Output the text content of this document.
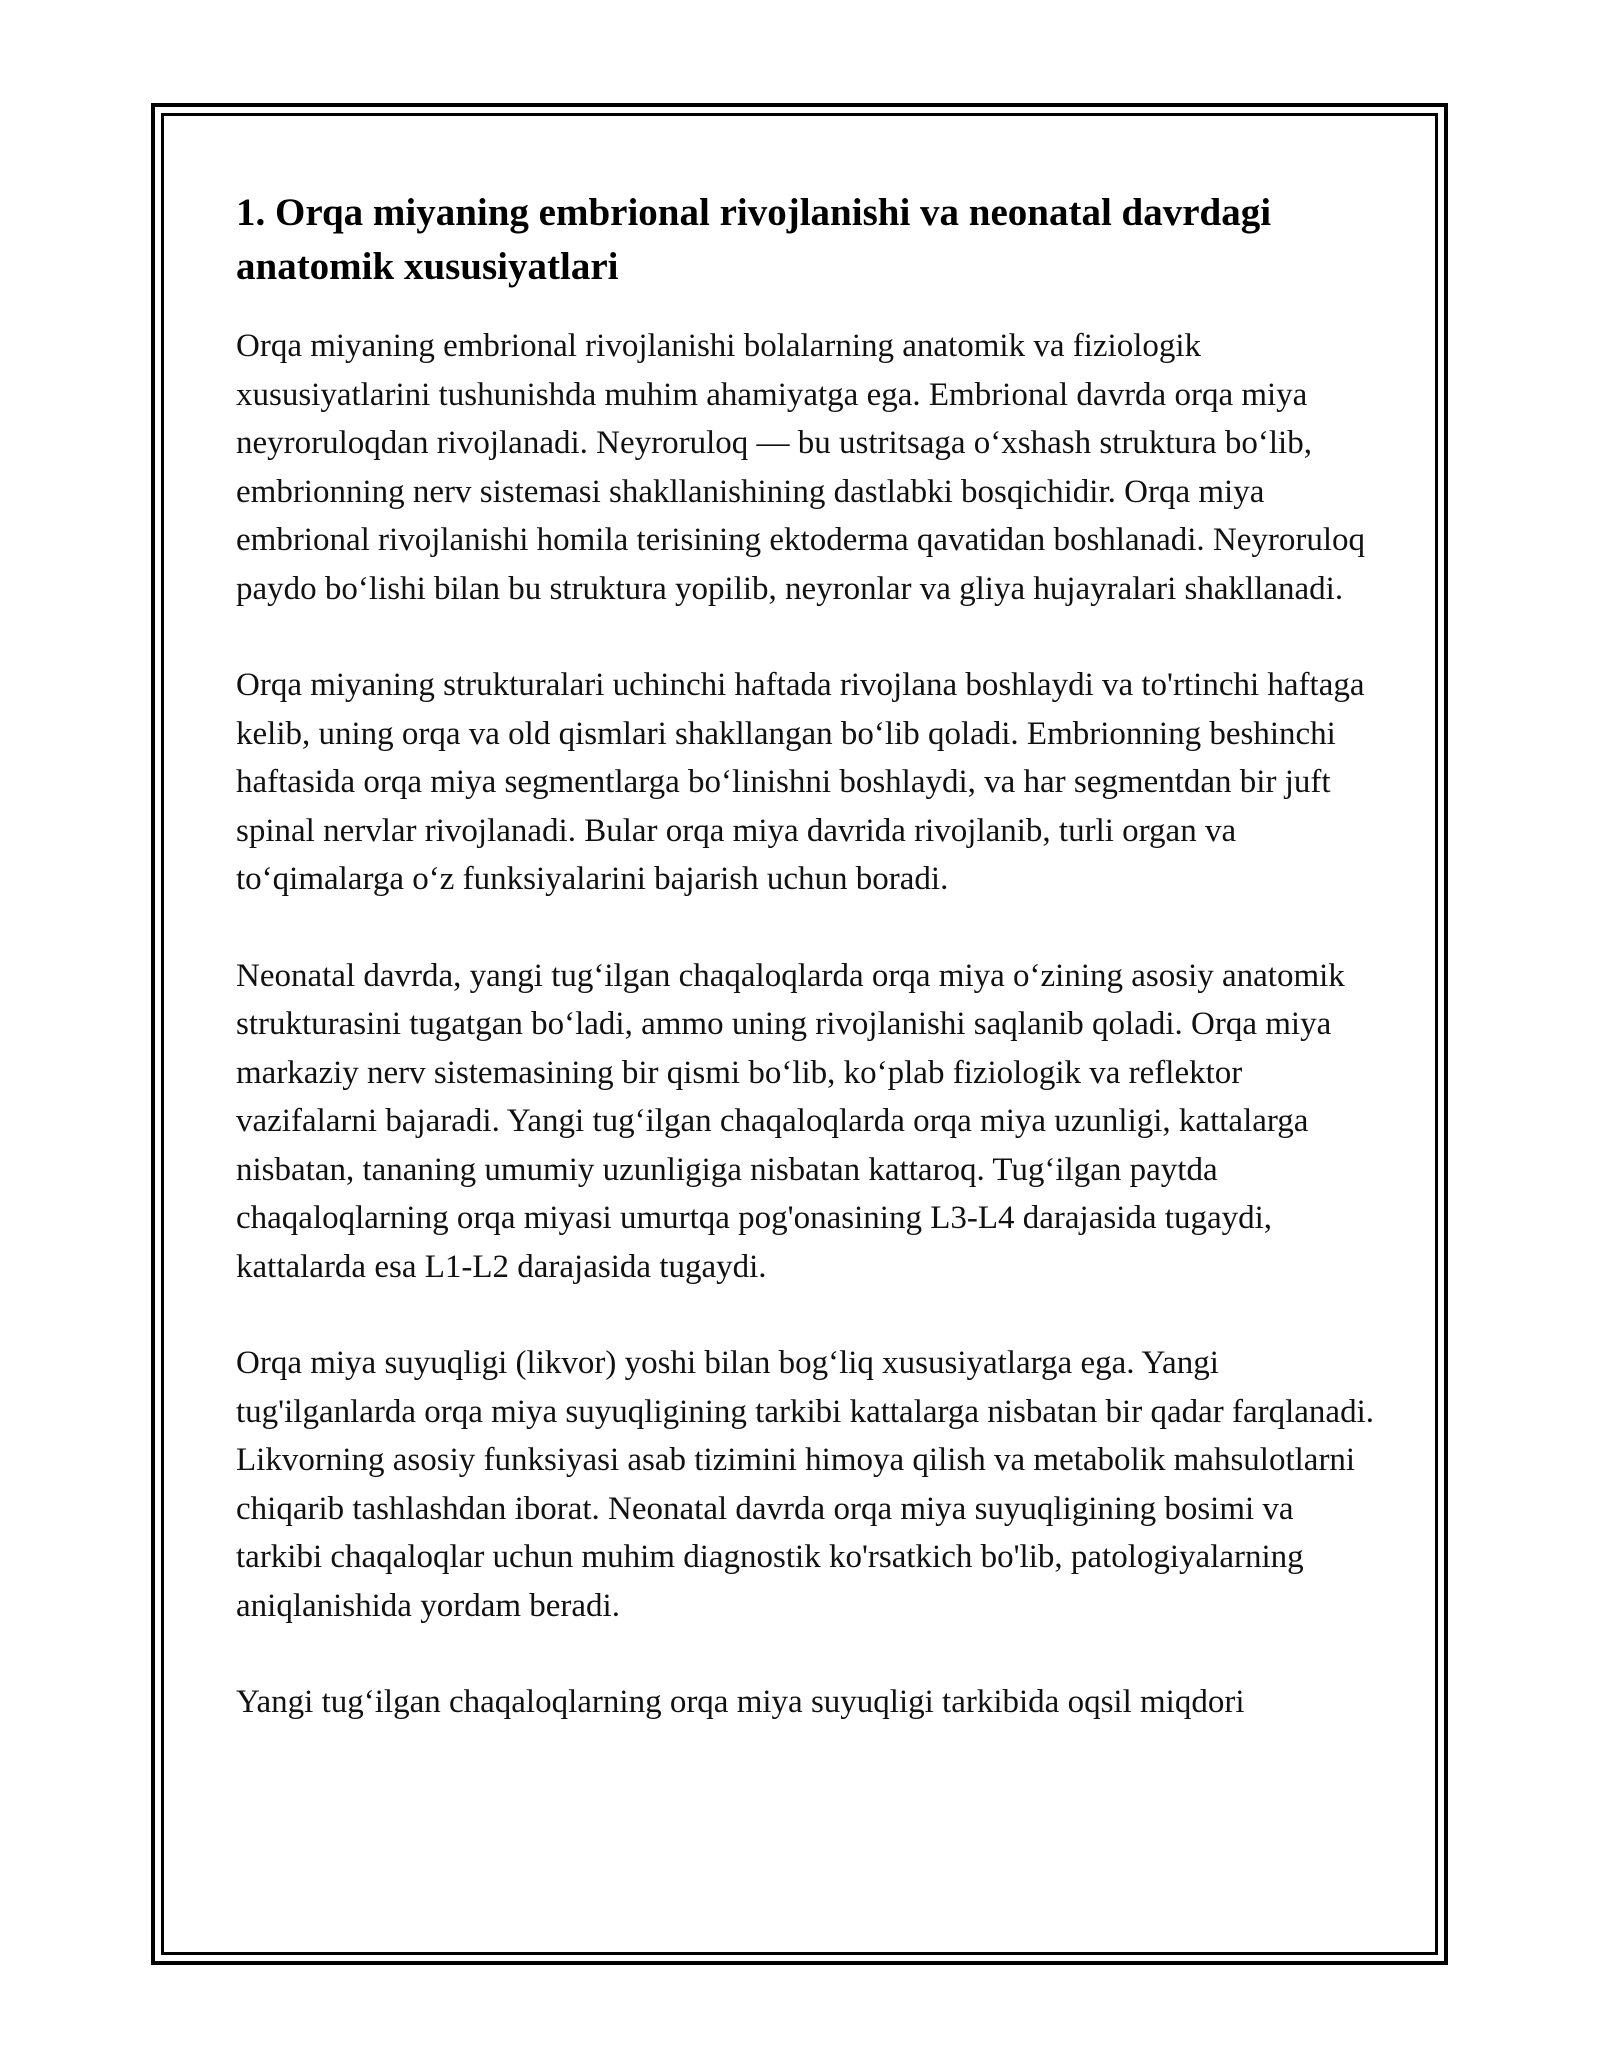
1. Orqa miyaning embrional rivojlanishi va neonatal davrdagi anatomik xususiyatlari

Orqa miyaning embrional rivojlanishi bolalarning anatomik va fiziologik xususiyatlarini tushunishda muhim ahamiyatga ega. Embrional davrda orqa miya neyroruloqdan rivojlanadi. Neyroruloq — bu ustritsaga o‘xshash struktura bo‘lib, embrionning nerv sistemasi shakllanishining dastlabki bosqichidir. Orqa miya embrional rivojlanishi homila terisining ektoderma qavatidan boshlanadi. Neyroruloq paydo bo‘lishi bilan bu struktura yopilib, neyronlar va gliya hujayralari shakllanadi.

Orqa miyaning strukturalari uchinchi haftada rivojlana boshlaydi va to'rtinchi haftaga kelib, uning orqa va old qismlari shakllangan bo‘lib qoladi. Embrionning beshinchi haftasida orqa miya segmentlarga bo‘linishni boshlaydi, va har segmentdan bir juft spinal nervlar rivojlanadi. Bular orqa miya davrida rivojlanib, turli organ va to‘qimalarga o‘z funksiyalarini bajarish uchun boradi.

Neonatal davrda, yangi tug‘ilgan chaqaloqlarda orqa miya o‘zining asosiy anatomik strukturasini tugatgan bo‘ladi, ammo uning rivojlanishi saqlanib qoladi. Orqa miya markaziy nerv sistemasining bir qismi bo‘lib, ko‘plab fiziologik va reflektor vazifalarni bajaradi. Yangi tug‘ilgan chaqaloqlarda orqa miya uzunligi, kattalarga nisbatan, tananing umumiy uzunligiga nisbatan kattaroq. Tug‘ilgan paytda chaqaloqlarning orqa miyasi umurtqa pog'onasining L3-L4 darajasida tugaydi, kattalarda esa L1-L2 darajasida tugaydi.

Orqa miya suyuqligi (likvor) yoshi bilan bog‘liq xususiyatlarga ega. Yangi tug'ilganlarda orqa miya suyuqligining tarkibi kattalarga nisbatan bir qadar farqlanadi. Likvorning asosiy funksiyasi asab tizimini himoya qilish va metabolik mahsulotlarni chiqarib tashlashdan iborat. Neonatal davrda orqa miya suyuqligining bosimi va tarkibi chaqaloqlar uchun muhim diagnostik ko'rsatkich bo'lib, patologiyalarning aniqlanishida yordam beradi.

Yangi tug‘ilgan chaqaloqlarning orqa miya suyuqligi tarkibida oqsil miqdori
